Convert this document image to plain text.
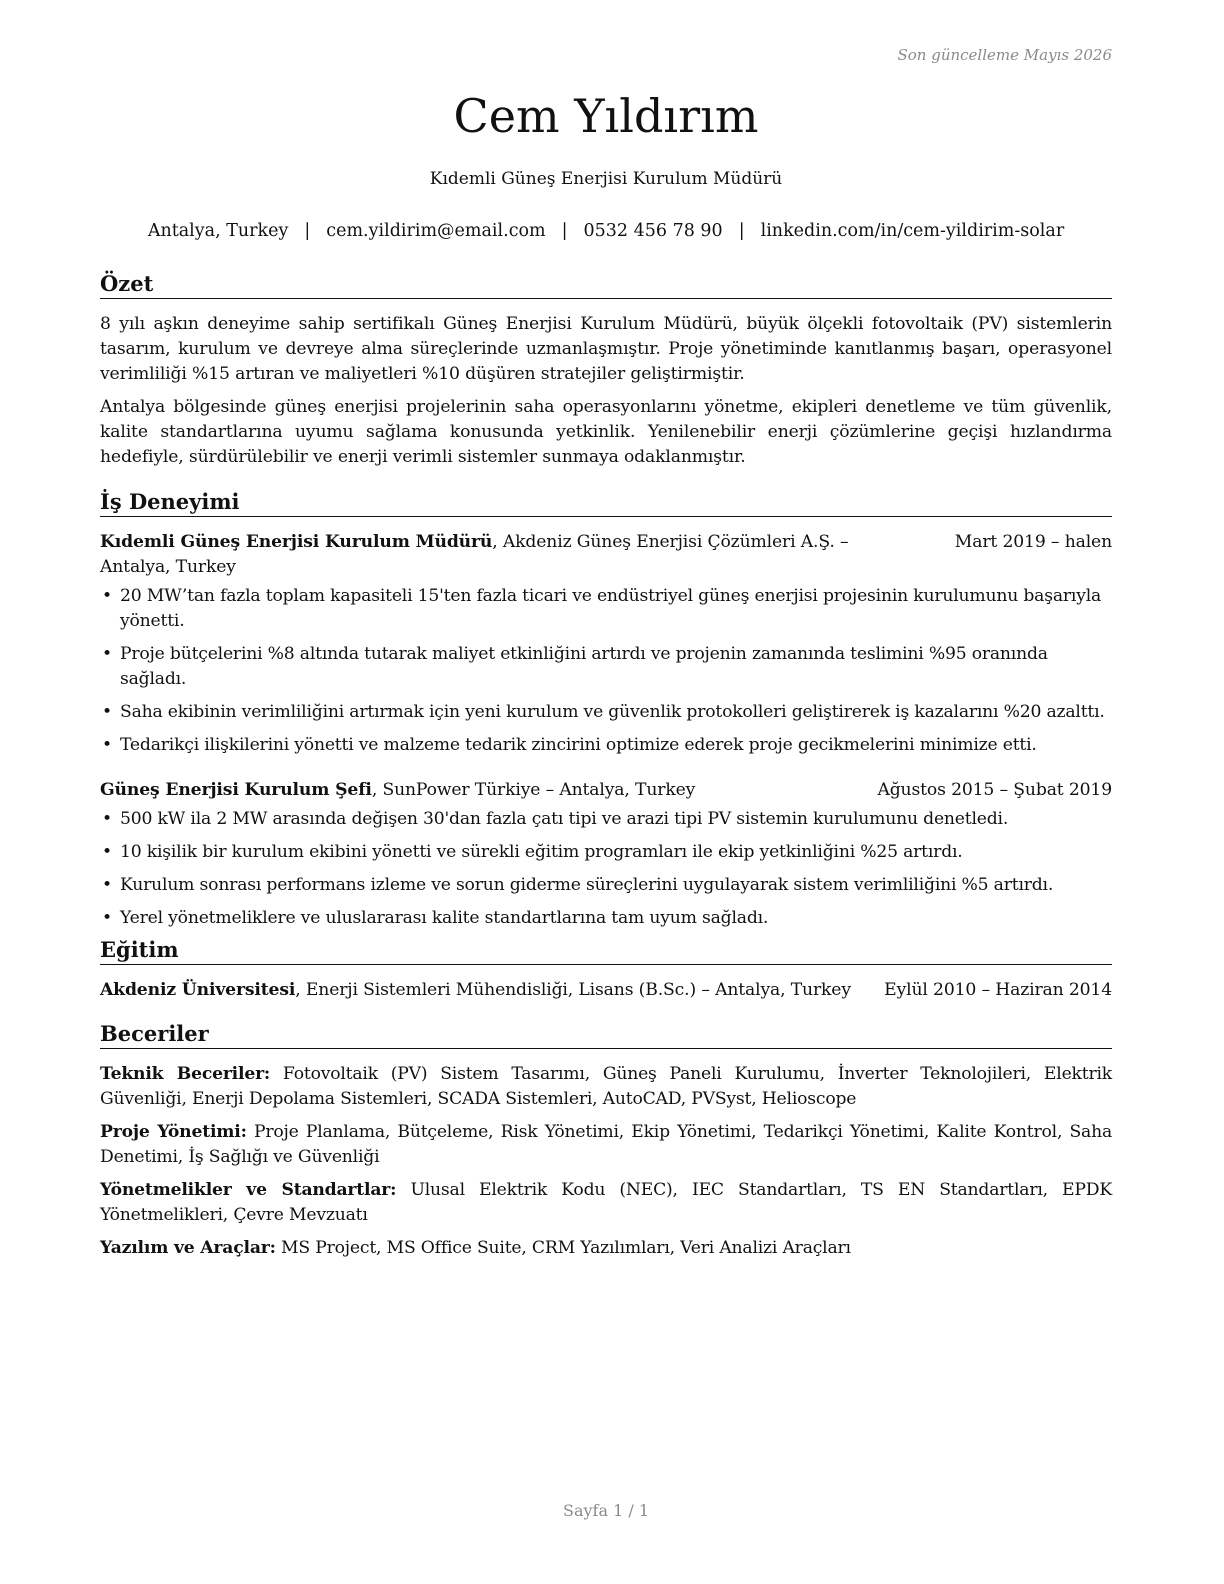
Son güncelleme Mayıs 2026
Cem Yıldırım
Kıdemli Güneş Enerjisi Kurulum Müdürü
Antalya, Turkey | cem.yildirim@email.com | 0532 456 78 90 | linkedin.com/in/cem-yildirim-solar
Özet

8 yılı aşkın deneyime sahip sertifikalı Güneş Enerjisi Kurulum Müdürü, büyük ölçekli fotovoltaik (PV) sistemlerin tasarım, kurulum ve devreye alma süreçlerinde uzmanlaşmıştır. Proje yönetiminde kanıtlanmış başarı, operasyonel verimliliği %15 artıran ve maliyetleri %10 düşüren stratejiler geliştirmiştir.

Antalya bölgesinde güneş enerjisi projelerinin saha operasyonlarını yönetme, ekipleri denetleme ve tüm güvenlik, kalite standartlarına uyumu sağlama konusunda yetkinlik. Yenilenebilir enerji çözümlerine geçişi hızlandırma hedefiyle, sürdürülebilir ve enerji verimli sistemler sunmaya odaklanmıştır.

İş Deneyimi
Kıdemli Güneş Enerjisi Kurulum Müdürü, Akdeniz Güneş Enerjisi Çözümleri A.Ş. –
Antalya, Turkey
Mart 2019 – halen
• 20 MW’tan fazla toplam kapasiteli 15'ten fazla ticari ve endüstriyel güneş enerjisi projesinin kurulumunu başarıyla yönetti.
• Proje bütçelerini %8 altında tutarak maliyet etkinliğini artırdı ve projenin zamanında teslimini %95 oranında sağladı.
• Saha ekibinin verimliliğini artırmak için yeni kurulum ve güvenlik protokolleri geliştirerek iş kazalarını %20 azalttı.
• Tedarikçi ilişkilerini yönetti ve malzeme tedarik zincirini optimize ederek proje gecikmelerini minimize etti.
Güneş Enerjisi Kurulum Şefi, SunPower Türkiye – Antalya, Turkey	Ağustos 2015 – Şubat 2019
• 500 kW ila 2 MW arasında değişen 30'dan fazla çatı tipi ve arazi tipi PV sistemin kurulumunu denetledi.
• 10 kişilik bir kurulum ekibini yönetti ve sürekli eğitim programları ile ekip yetkinliğini %25 artırdı.
• Kurulum sonrası performans izleme ve sorun giderme süreçlerini uygulayarak sistem verimliliğini %5 artırdı.
• Yerel yönetmeliklere ve uluslararası kalite standartlarına tam uyum sağladı.
Eğitim
Akdeniz Üniversitesi, Enerji Sistemleri Mühendisliği, Lisans (B.Sc.) – Antalya, Turkey	Eylül 2010 – Haziran 2014
Beceriler
Teknik Beceriler: Fotovoltaik (PV) Sistem Tasarımı, Güneş Paneli Kurulumu, İnverter Teknolojileri, Elektrik Güvenliği, Enerji Depolama Sistemleri, SCADA Sistemleri, AutoCAD, PVSyst, Helioscope
Proje Yönetimi: Proje Planlama, Bütçeleme, Risk Yönetimi, Ekip Yönetimi, Tedarikçi Yönetimi, Kalite Kontrol, Saha Denetimi, İş Sağlığı ve Güvenliği
Yönetmelikler ve Standartlar: Ulusal Elektrik Kodu (NEC), IEC Standartları, TS EN Standartları, EPDK Yönetmelikleri, Çevre Mevzuatı
Yazılım ve Araçlar: MS Project, MS Office Suite, CRM Yazılımları, Veri Analizi Araçları
Sayfa 1 / 1
